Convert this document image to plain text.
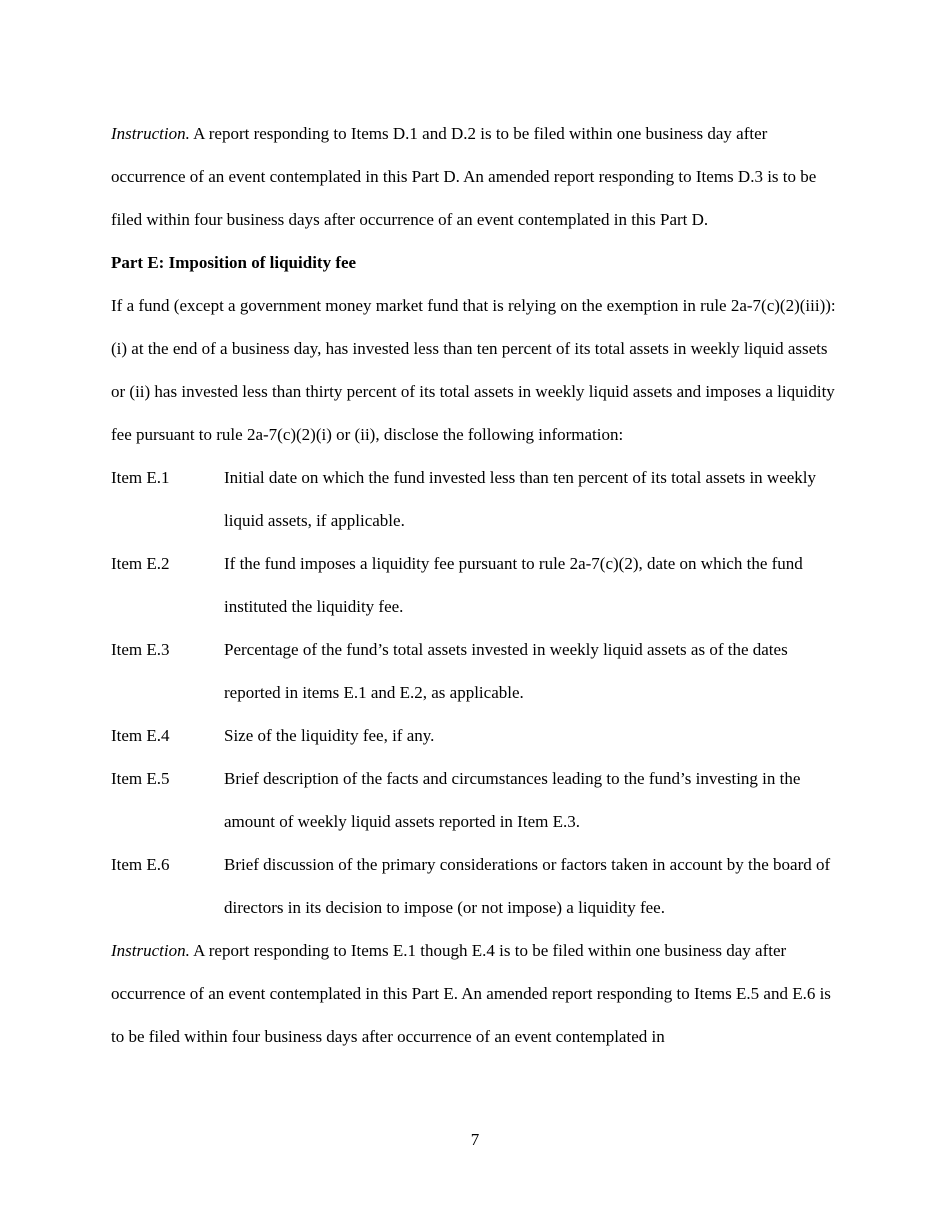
Instruction. A report responding to Items D.1 and D.2 is to be filed within one business day after occurrence of an event contemplated in this Part D. An amended report responding to Items D.3 is to be filed within four business days after occurrence of an event contemplated in this Part D.

Part E: Imposition of liquidity fee

If a fund (except a government money market fund that is relying on the exemption in rule 2a-7(c)(2)(iii)): (i) at the end of a business day, has invested less than ten percent of its total assets in weekly liquid assets or (ii) has invested less than thirty percent of its total assets in weekly liquid assets and imposes a liquidity fee pursuant to rule 2a-7(c)(2)(i) or (ii), disclose the following information:

Item E.1	Initial date on which the fund invested less than ten percent of its total assets in weekly liquid assets, if applicable.
Item E.2	If the fund imposes a liquidity fee pursuant to rule 2a-7(c)(2), date on which the fund instituted the liquidity fee.
Item E.3	Percentage of the fund’s total assets invested in weekly liquid assets as of the dates reported in items E.1 and E.2, as applicable.
Item E.4	Size of the liquidity fee, if any.
Item E.5	Brief description of the facts and circumstances leading to the fund’s investing in the amount of weekly liquid assets reported in Item E.3.
Item E.6	Brief discussion of the primary considerations or factors taken in account by the board of directors in its decision to impose (or not impose) a liquidity fee.

Instruction. A report responding to Items E.1 though E.4 is to be filed within one business day after occurrence of an event contemplated in this Part E. An amended report responding to Items E.5 and E.6 is to be filed within four business days after occurrence of an event contemplated in

7
